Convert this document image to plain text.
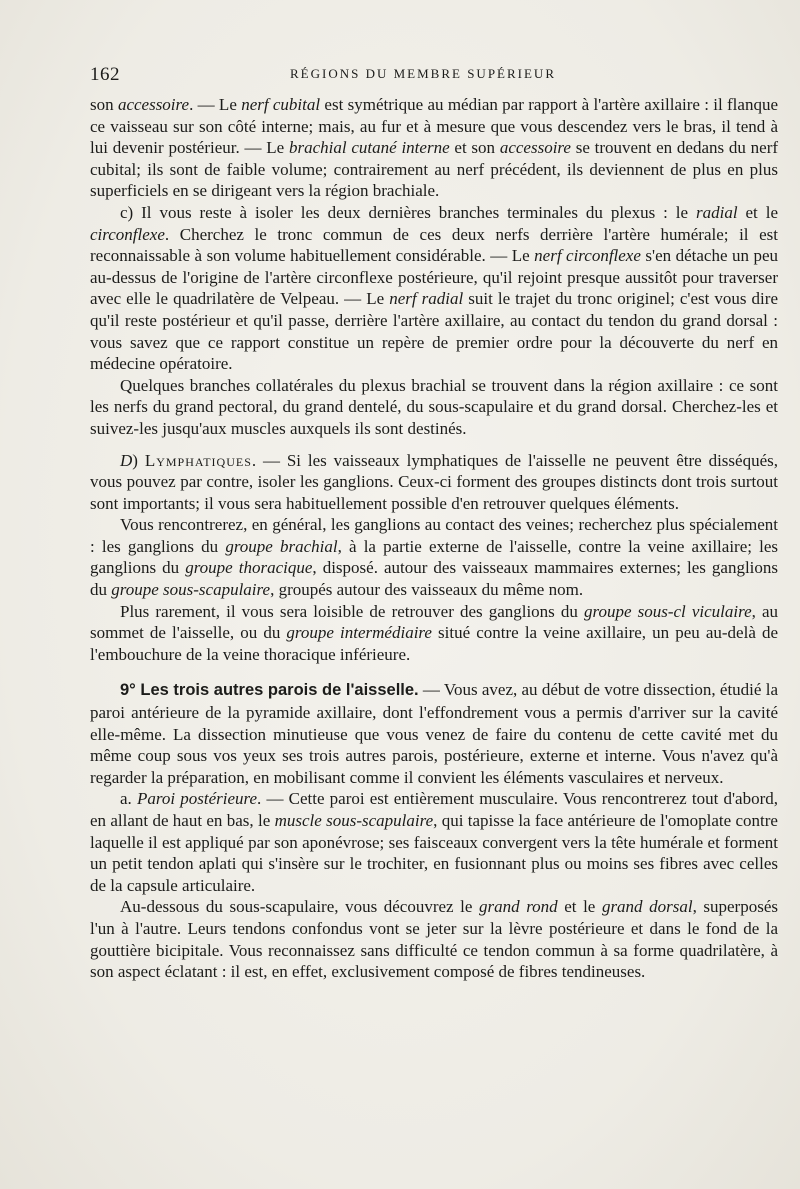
162	RÉGIONS DU MEMBRE SUPÉRIEUR

son accessoire. — Le nerf cubital est symétrique au médian par rapport à l'artère axillaire : il flanque ce vaisseau sur son côté interne; mais, au fur et à mesure que vous descendez vers le bras, il tend à lui devenir postérieur. — Le brachial cutané interne et son accessoire se trouvent en dedans du nerf cubital; ils sont de faible volume; contrairement au nerf précédent, ils deviennent de plus en plus superficiels en se dirigeant vers la région brachiale.

c) Il vous reste à isoler les deux dernières branches terminales du plexus : le radial et le circonflexe. Cherchez le tronc commun de ces deux nerfs derrière l'artère humérale; il est reconnaissable à son volume habituellement considérable. — Le nerf circonflexe s'en détache un peu au-dessus de l'origine de l'artère circonflexe postérieure, qu'il rejoint presque aussitôt pour traverser avec elle le quadrilatère de Velpeau. — Le nerf radial suit le trajet du tronc originel; c'est vous dire qu'il reste postérieur et qu'il passe, derrière l'artère axillaire, au contact du tendon du grand dorsal : vous savez que ce rapport constitue un repère de premier ordre pour la découverte du nerf en médecine opératoire.

Quelques branches collatérales du plexus brachial se trouvent dans la région axillaire : ce sont les nerfs du grand pectoral, du grand dentelé, du sous-scapulaire et du grand dorsal. Cherchez-les et suivez-les jusqu'aux muscles auxquels ils sont destinés.

D) Lymphatiques. — Si les vaisseaux lymphatiques de l'aisselle ne peuvent être disséqués, vous pouvez par contre, isoler les ganglions. Ceux-ci forment des groupes distincts dont trois surtout sont importants; il vous sera habituellement possible d'en retrouver quelques éléments.

Vous rencontrerez, en général, les ganglions au contact des veines; recherchez plus spécialement : les ganglions du groupe brachial, à la partie externe de l'aisselle, contre la veine axillaire; les ganglions du groupe thoracique, disposé. autour des vaisseaux mammaires externes; les ganglions du groupe sous-scapulaire, groupés autour des vaisseaux du même nom.

Plus rarement, il vous sera loisible de retrouver des ganglions du groupe sous-cl viculaire, au sommet de l'aisselle, ou du groupe intermédiaire situé contre la veine axillaire, un peu au-delà de l'embouchure de la veine thoracique inférieure.

9° Les trois autres parois de l'aisselle. — Vous avez, au début de votre dissection, étudié la paroi antérieure de la pyramide axillaire, dont l'effondrement vous a permis d'arriver sur la cavité elle-même. La dissection minutieuse que vous venez de faire du contenu de cette cavité met du même coup sous vos yeux ses trois autres parois, postérieure, externe et interne. Vous n'avez qu'à regarder la préparation, en mobilisant comme il convient les éléments vasculaires et nerveux.

a. Paroi postérieure. — Cette paroi est entièrement musculaire. Vous rencontrerez tout d'abord, en allant de haut en bas, le muscle sous-scapulaire, qui tapisse la face antérieure de l'omoplate contre laquelle il est appliqué par son aponévrose; ses faisceaux convergent vers la tête humérale et forment un petit tendon aplati qui s'insère sur le trochiter, en fusionnant plus ou moins ses fibres avec celles de la capsule articulaire.

Au-dessous du sous-scapulaire, vous découvrez le grand rond et le grand dorsal, superposés l'un à l'autre. Leurs tendons confondus vont se jeter sur la lèvre postérieure et dans le fond de la gouttière bicipitale. Vous reconnaissez sans difficulté ce tendon commun à sa forme quadrilatère, à son aspect éclatant : il est, en effet, exclusivement composé de fibres tendineuses.
